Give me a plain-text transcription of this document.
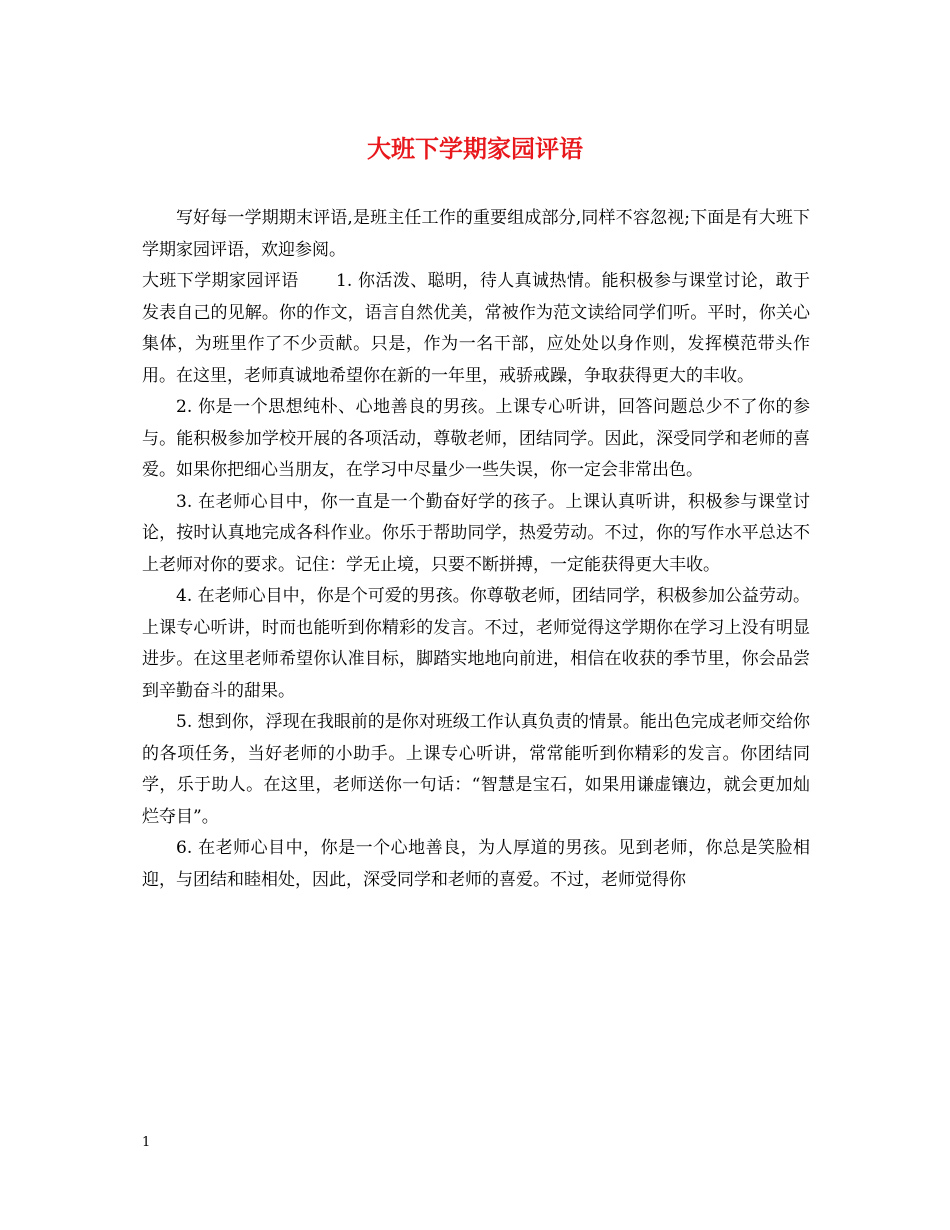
大班下学期家园评语

写好每一学期期末评语,是班主任工作的重要组成部分,同样不容忽视;下面是有大班下学期家园评语，欢迎参阅。

大班下学期家园评语 1. 你活泼、聪明，待人真诚热情。能积极参与课堂讨论，敢于发表自己的见解。你的作文，语言自然优美，常被作为范文读给同学们听。平时，你关心集体，为班里作了不少贡献。只是，作为一名干部，应处处以身作则，发挥模范带头作用。在这里，老师真诚地希望你在新的一年里，戒骄戒躁，争取获得更大的丰收。

2. 你是一个思想纯朴、心地善良的男孩。上课专心听讲，回答问题总少不了你的参与。能积极参加学校开展的各项活动，尊敬老师，团结同学。因此，深受同学和老师的喜爱。如果你把细心当朋友，在学习中尽量少一些失误，你一定会非常出色。

3. 在老师心目中，你一直是一个勤奋好学的孩子。上课认真听讲，积极参与课堂讨论，按时认真地完成各科作业。你乐于帮助同学，热爱劳动。不过，你的写作水平总达不上老师对你的要求。记住：学无止境，只要不断拼搏，一定能获得更大丰收。

4. 在老师心目中，你是个可爱的男孩。你尊敬老师，团结同学，积极参加公益劳动。上课专心听讲，时而也能听到你精彩的发言。不过，老师觉得这学期你在学习上没有明显进步。在这里老师希望你认准目标，脚踏实地地向前进，相信在收获的季节里，你会品尝到辛勤奋斗的甜果。

5. 想到你，浮现在我眼前的是你对班级工作认真负责的情景。能出色完成老师交给你的各项任务，当好老师的小助手。上课专心听讲，常常能听到你精彩的发言。你团结同学，乐于助人。在这里，老师送你一句话：“智慧是宝石，如果用谦虚镶边，就会更加灿烂夺目”。

6. 在老师心目中，你是一个心地善良，为人厚道的男孩。见到老师，你总是笑脸相迎，与团结和睦相处，因此，深受同学和老师的喜爱。不过，老师觉得你

1
